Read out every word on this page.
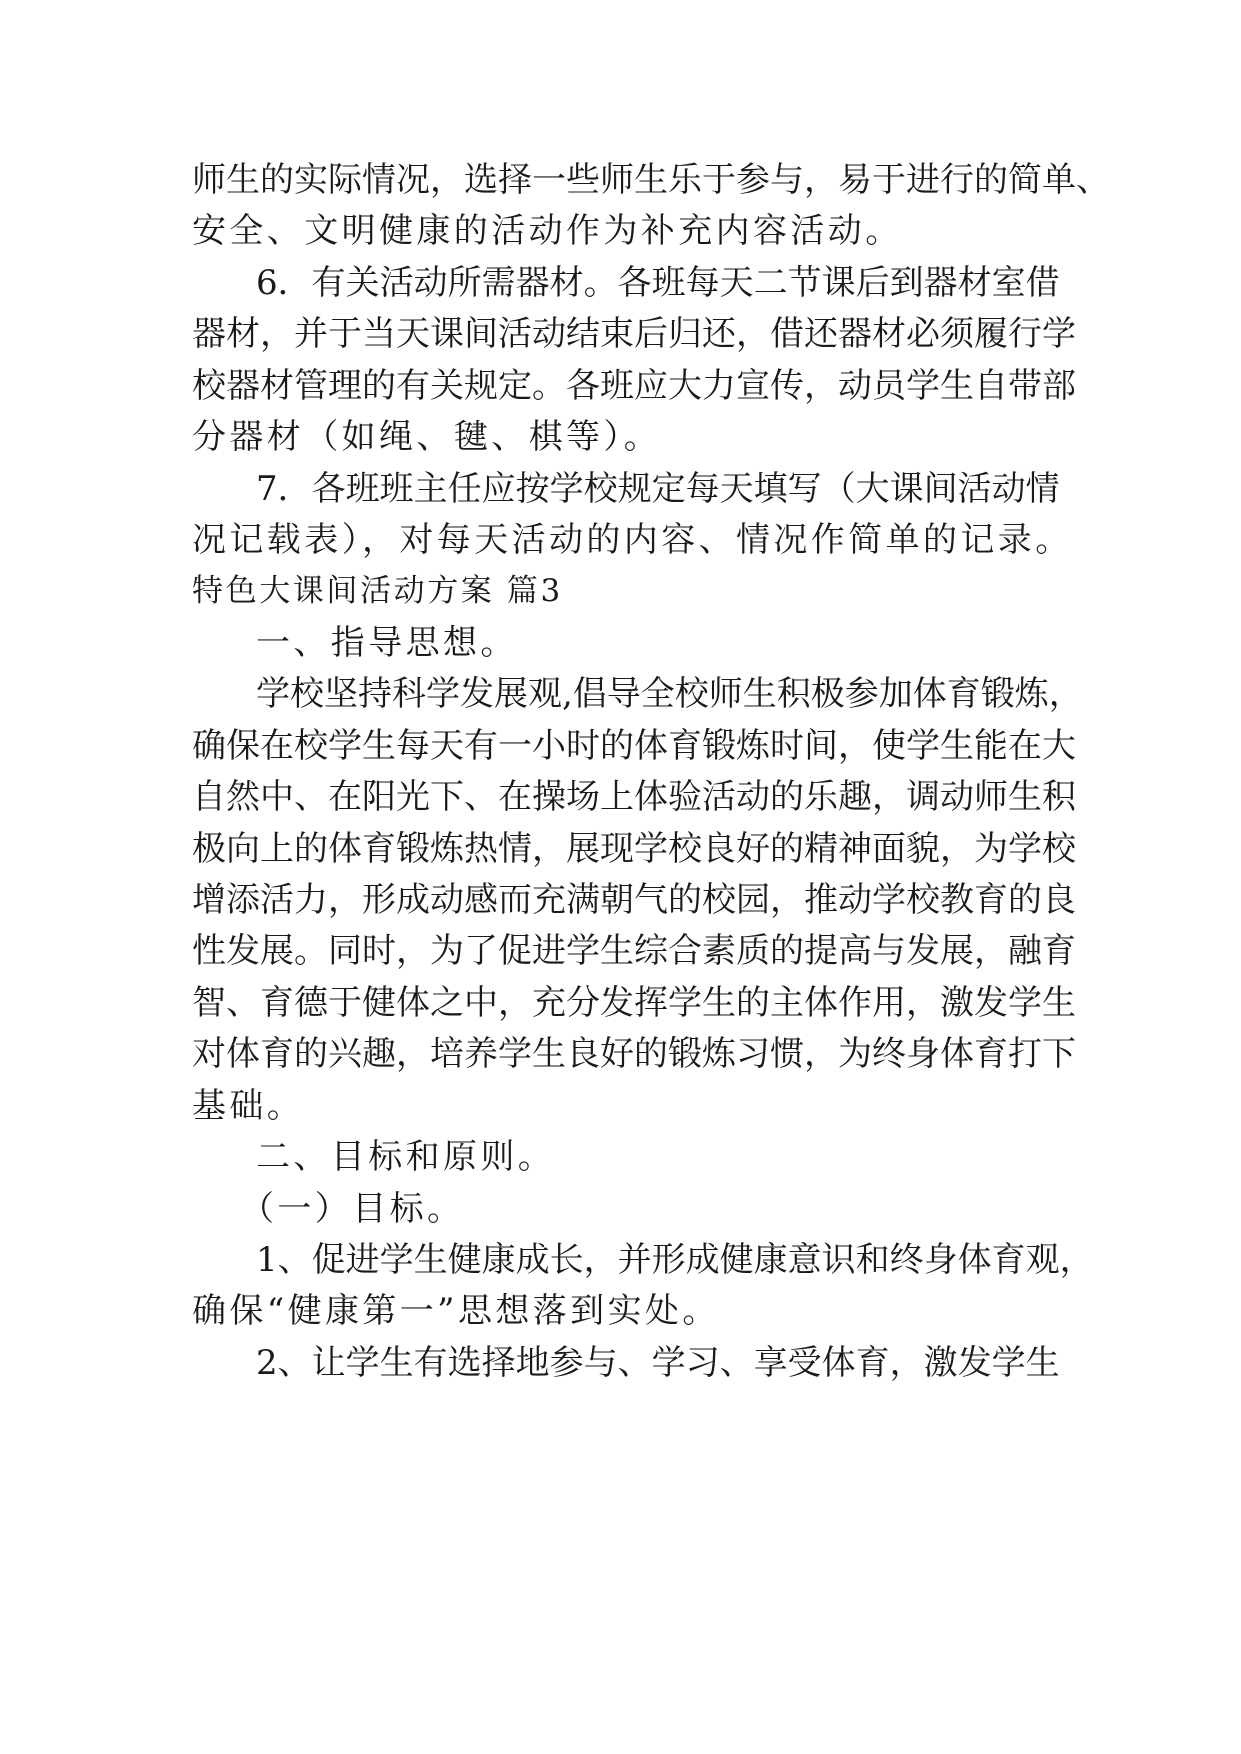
师生的实际情况，选择一些师生乐于参与，易于进行的简单、
安全、文明健康的活动作为补充内容活动。
6．有关活动所需器材。各班每天二节课后到器材室借
器材，并于当天课间活动结束后归还，借还器材必须履行学
校器材管理的有关规定。各班应大力宣传，动员学生自带部
分器材（如绳、毽、棋等）。
7．各班班主任应按学校规定每天填写（大课间活动情
况记载表），对每天活动的内容、情况作简单的记录。
特色大课间活动方案 篇3
一、指导思想。
学校坚持科学发展观,倡导全校师生积极参加体育锻炼，
确保在校学生每天有一小时的体育锻炼时间，使学生能在大
自然中、在阳光下、在操场上体验活动的乐趣，调动师生积
极向上的体育锻炼热情，展现学校良好的精神面貌，为学校
增添活力，形成动感而充满朝气的校园，推动学校教育的良
性发展。同时，为了促进学生综合素质的提高与发展，融育
智、育德于健体之中，充分发挥学生的主体作用，激发学生
对体育的兴趣，培养学生良好的锻炼习惯，为终身体育打下
基础。
二、目标和原则。
（一）目标。
1、促进学生健康成长，并形成健康意识和终身体育观，
确保“健康第一”思想落到实处。
2、让学生有选择地参与、学习、享受体育，激发学生
